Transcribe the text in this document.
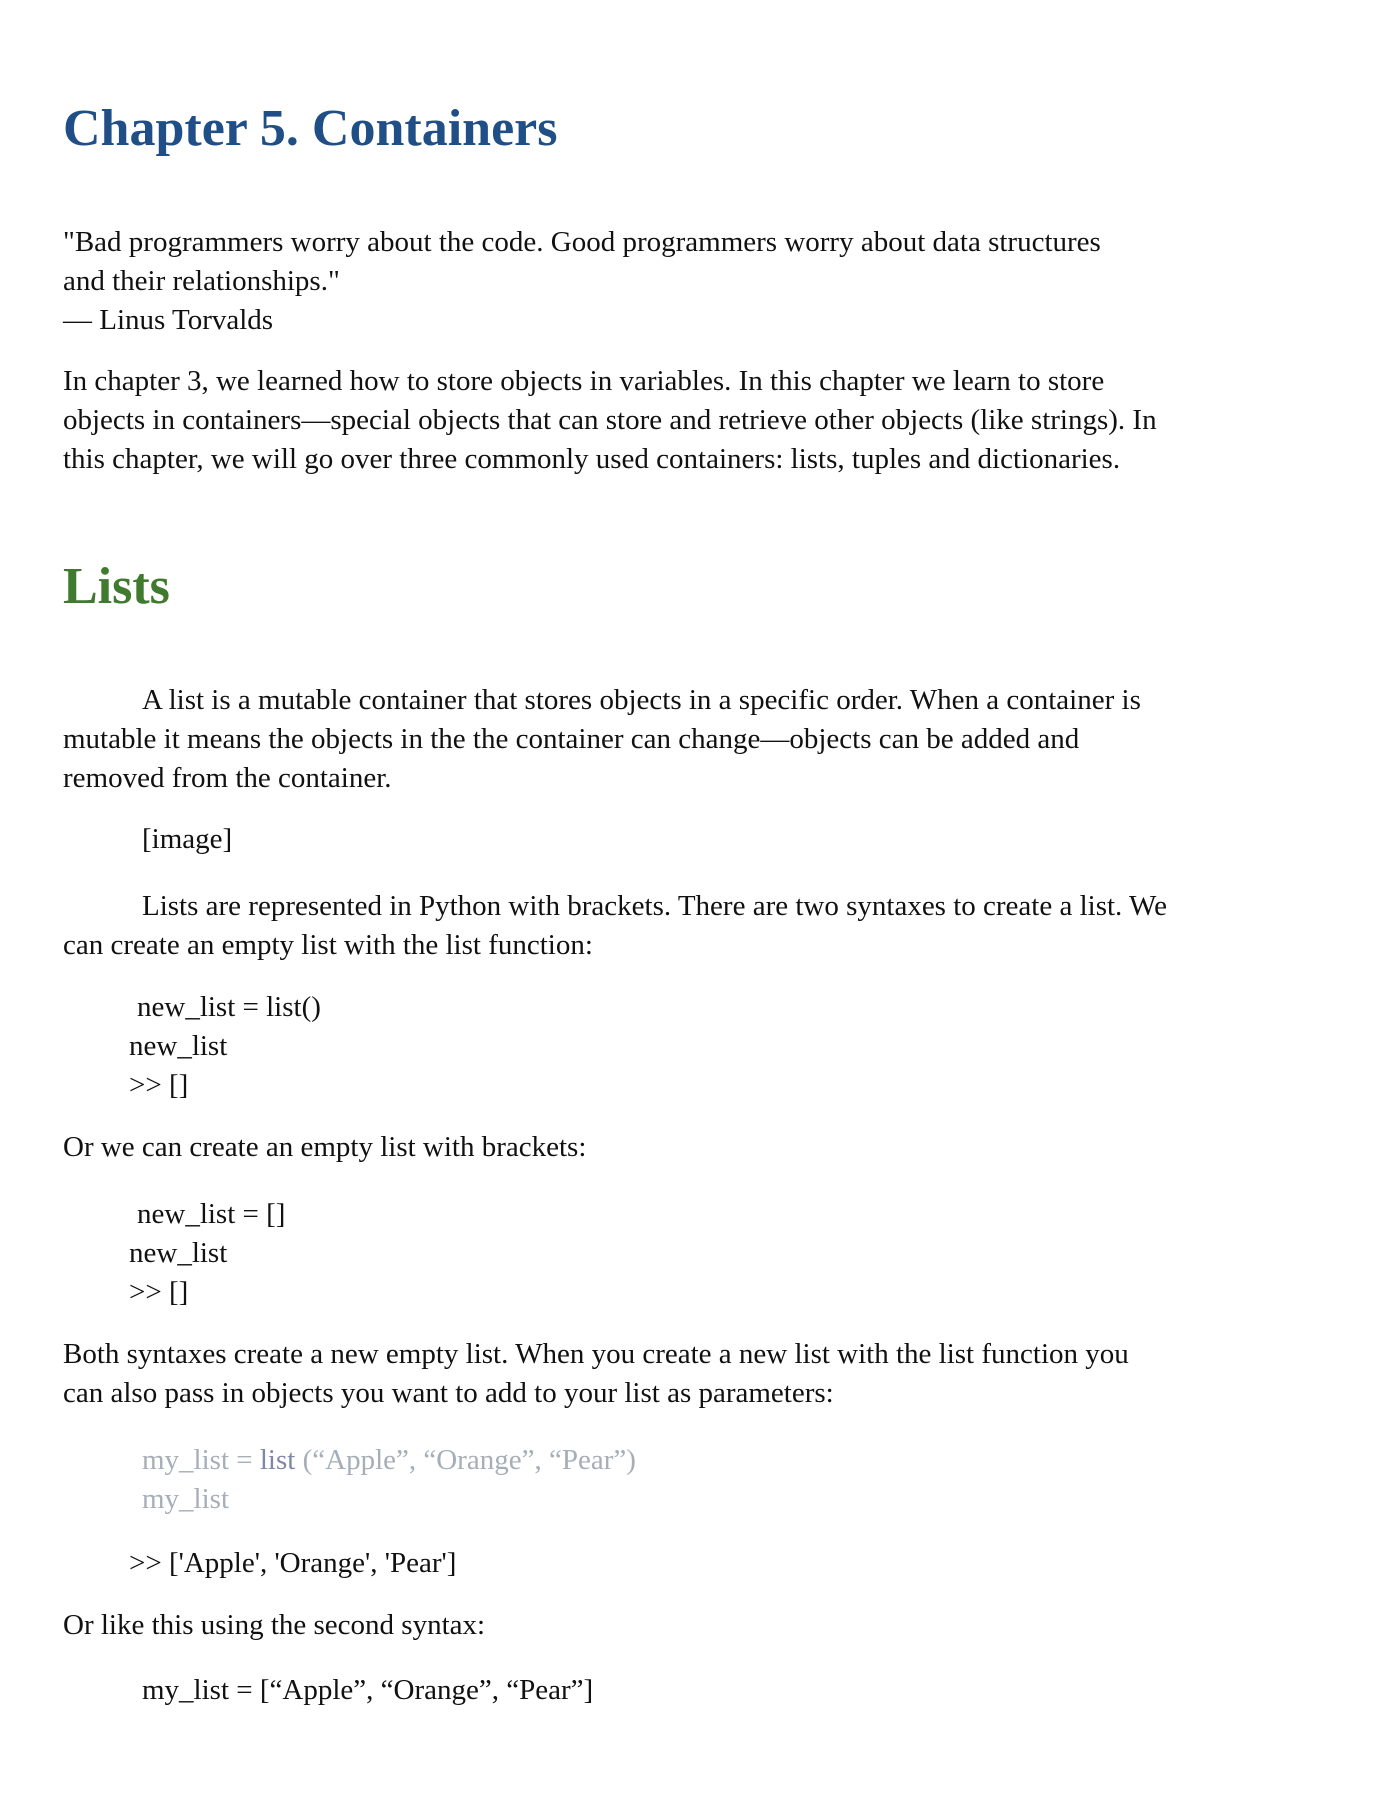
Chapter 5. Containers

"Bad programmers worry about the code. Good programmers worry about data structures

and their relationships."

— Linus Torvalds

In chapter 3, we learned how to store objects in variables. In this chapter we learn to store

objects in containers—special objects that can store and retrieve other objects (like strings). In

this chapter, we will go over three commonly used containers: lists, tuples and dictionaries.

Lists

A list is a mutable container that stores objects in a specific order. When a container is

mutable it means the objects in the the container can change—objects can be added and

removed from the container.

[image]

Lists are represented in Python with brackets. There are two syntaxes to create a list. We

can create an empty list with the list function:

new_list = list()

new_list

>> []

Or we can create an empty list with brackets:

new_list = []

new_list

>> []

Both syntaxes create a new empty list. When you create a new list with the list function you

can also pass in objects you want to add to your list as parameters:

my_list = list (“Apple”, “Orange”, “Pear”)

my_list

>> ['Apple', 'Orange', 'Pear']

Or like this using the second syntax:

my_list = [“Apple”, “Orange”, “Pear”]
